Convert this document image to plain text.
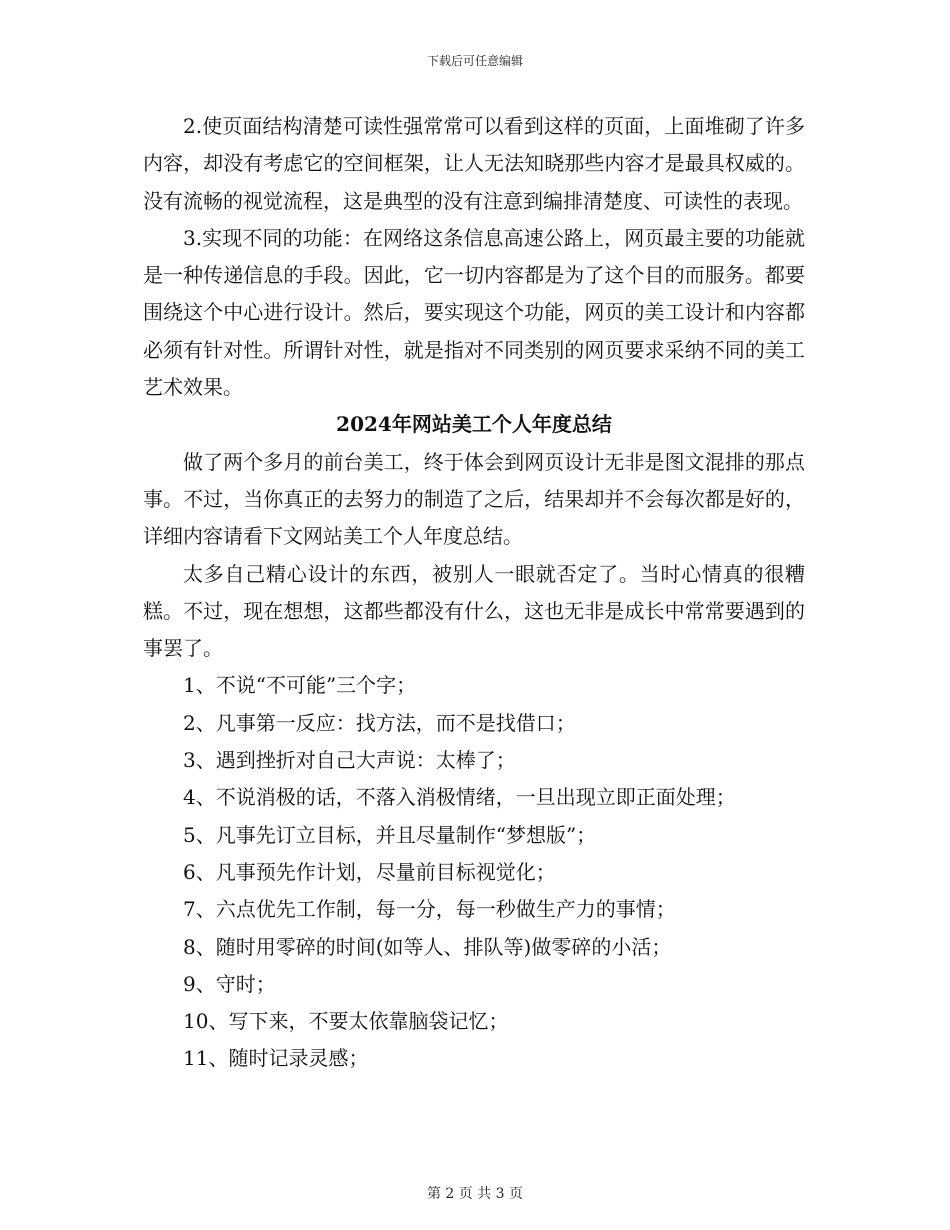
下载后可任意编辑

2.使页面结构清楚可读性强常常可以看到这样的页面，上面堆砌了许多内容，却没有考虑它的空间框架，让人无法知晓那些内容才是最具权威的。没有流畅的视觉流程，这是典型的没有注意到编排清楚度、可读性的表现。

3.实现不同的功能：在网络这条信息高速公路上，网页最主要的功能就是一种传递信息的手段。因此，它一切内容都是为了这个目的而服务。都要围绕这个中心进行设计。然后，要实现这个功能，网页的美工设计和内容都必须有针对性。所谓针对性，就是指对不同类别的网页要求采纳不同的美工艺术效果。

2024年网站美工个人年度总结

做了两个多月的前台美工，终于体会到网页设计无非是图文混排的那点事。不过，当你真正的去努力的制造了之后，结果却并不会每次都是好的，详细内容请看下文网站美工个人年度总结。

太多自己精心设计的东西，被别人一眼就否定了。当时心情真的很糟糕。不过，现在想想，这都些都没有什么，这也无非是成长中常常要遇到的事罢了。

1、不说“不可能”三个字；

2、凡事第一反应：找方法，而不是找借口；

3、遇到挫折对自己大声说：太棒了；

4、不说消极的话，不落入消极情绪，一旦出现立即正面处理；

5、凡事先订立目标，并且尽量制作“梦想版”；

6、凡事预先作计划，尽量前目标视觉化；

7、六点优先工作制，每一分，每一秒做生产力的事情；

8、随时用零碎的时间(如等人、排队等)做零碎的小活；

9、守时；

10、写下来，不要太依靠脑袋记忆；

11、随时记录灵感；

第 2 页 共 3 页
